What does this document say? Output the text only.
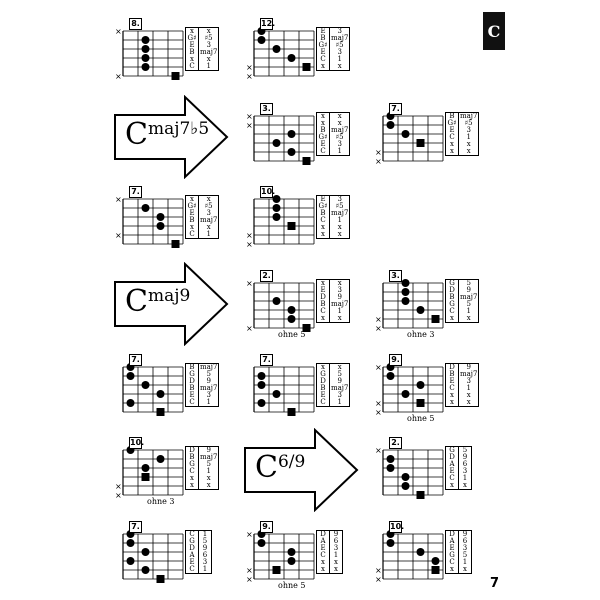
C
$C^{maj7♭5}$
$C^{maj9}$
$C^{6/9}$
×
×
8.
x	x
G♯	♯5
E	3
B	maj7
x	x
C	1	×
×
12.
E	3
B	maj7
G♯	♯5
E	3
C	1
x	x
×
×
3.
x	x
x	x
B	maj7
G♯	♯5
E	3
C	1	×
×
7.
B	maj7
G♯	♯5
E	3
C	1
x	x
x	x
×
×
7.
x	x
G♯	♯5
E	3
B	maj7
x	x
C	1	×
×
10.
E	3
G♯	♯5
B	maj7
C	1
x	x
x	x
×
×
2.
ohne 5
x	x
E	3
D	9
B	maj7
C	1
x	x	×
×
3.
ohne 3
G	5
D	9
B	maj7
G	5
C	1
x	x
7.
B	maj7
G	5
D	9
B	maj7
E	3
C	1
7.
x	x
G	5
D	9
B	maj7
E	3
C	1
×
×
×
9.
ohne 5
D	9
B	maj7
E	3
C	1
x	x
x	x
×
×
10.
ohne 3
D	9
B	maj7
G	5
C	1
x	x
x	x
×
2.
G	5
D	9
A	6
E	3
C	1
x	x
7.
C	1
G	5
D	9
A	6
E	3
C	1
×
×
×
9.
ohne 5
D	9
A	6
E	3
C	1
x	x
x	x	×
×
10.
D	9
A	6
E	3
G	5
C	1
x	x
7
